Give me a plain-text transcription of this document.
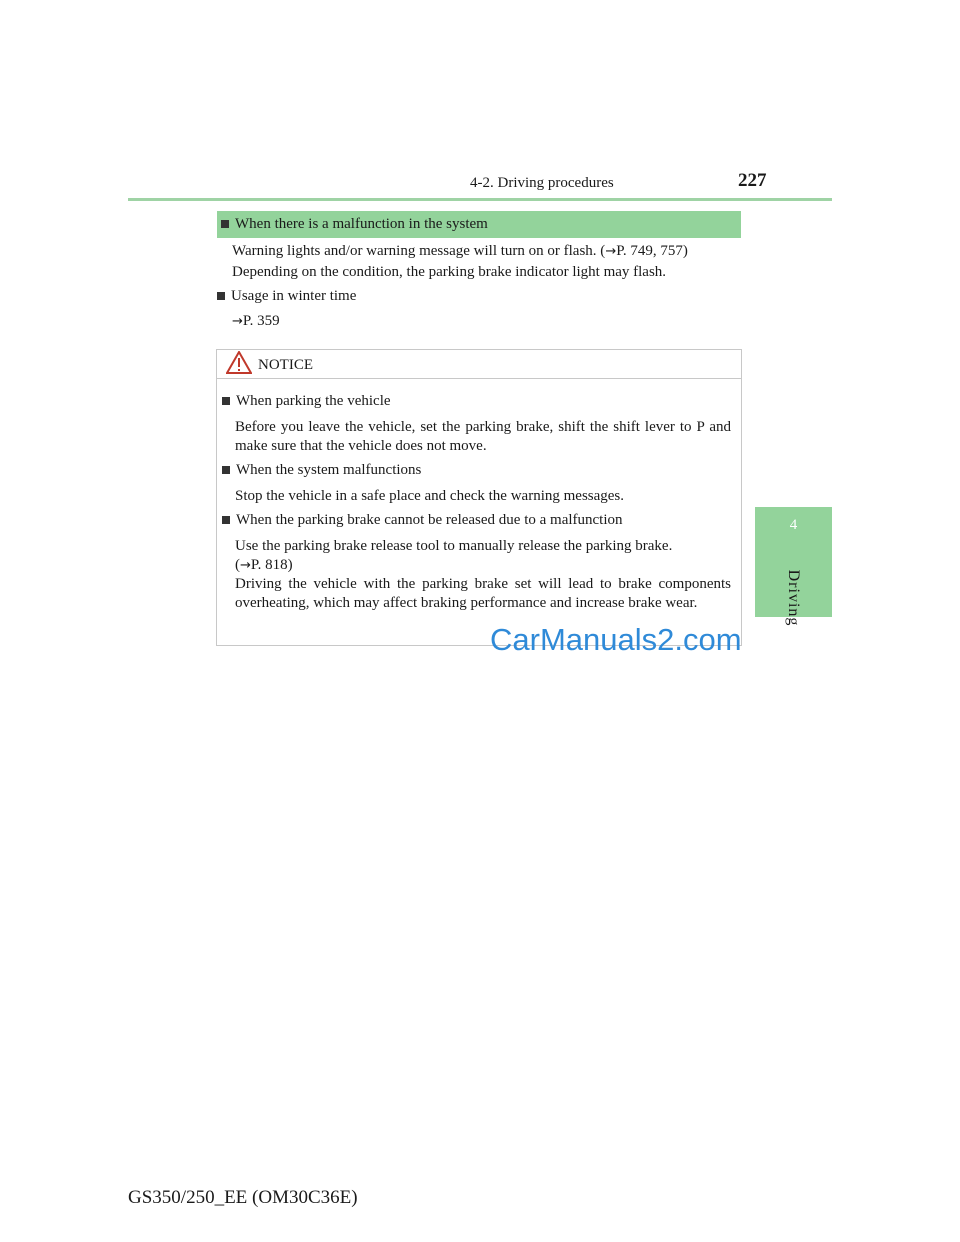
4-2. Driving procedures	227
4
Driving
When there is a malfunction in the system
Warning lights and/or warning message will turn on or flash. (→P. 749, 757)
Depending on the condition, the parking brake indicator light may flash.
Usage in winter time
→P. 359
NOTICE
When parking the vehicle
Before you leave the vehicle, set the parking brake, shift the shift lever to P and make sure that the vehicle does not move.
When the system malfunctions
Stop the vehicle in a safe place and check the warning messages.
When the parking brake cannot be released due to a malfunction
Use the parking brake release tool to manually release the parking brake.
(→P. 818)
Driving the vehicle with the parking brake set will lead to brake components overheating, which may affect braking performance and increase brake wear.
CarManuals2.com
GS350/250_EE (OM30C36E)
